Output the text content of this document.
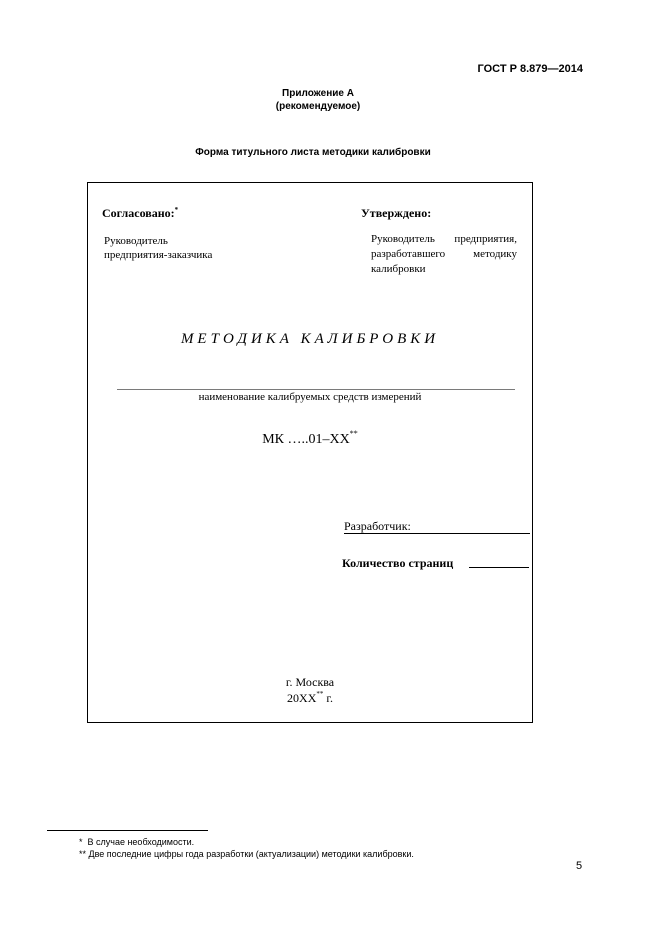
ГОСТ Р 8.879—2014
Приложение А
(рекомендуемое)
Форма титульного листа методики калибровки
Согласовано:*	Утверждено:
Руководитель
предприятия-заказчика
Руководитель предприятия,
разработавшего методику
калибровки
МЕТОДИКА КАЛИБРОВКИ
наименование калибруемых средств измерений
МК …..01–XX**
Разработчик:
Количество страниц
г. Москва
20XX** г.
*  В случае необходимости.
** Две последние цифры года разработки (актуализации) методики калибровки.
5
